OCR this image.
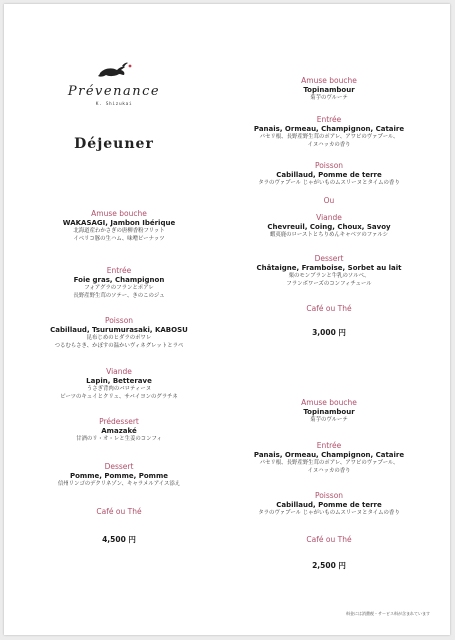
Prévenance
K. Shizukai
Déjeuner
Amuse bouche
WAKASAGI, Jambon Ibérique
北海道産わかさぎの唐柳香粉フリット
イベリコ豚の生ハム、味噌ピーナッツ
Entrée
Foie gras, Champignon
フォアグラのフランとポアレ
長野産野生茸のソテー、きのこのジュ
Poisson
Cabillaud, Tsurumurasaki, KABOSU
昆布じめのヒダラのポワレ
つるむらさき、かぼすの温かいヴィネグレットとラペ
Viande
Lapin, Betterave
うさぎ背肉のバロティーヌ
ビーツのキュイとクリュ、サバイヨンのグラチネ
Prédessert
Amazaké
甘酒のリ・オ・レと生姜のコンフィ
Dessert
Pomme, Pomme, Pomme
信州リンゴのデクリネゾン、キャラメルアイス添え
Café ou Thé
4,500 円
Amuse bouche
Topinambour
菊芋のヴルーテ
Entrée
Panais, Ormeau, Champignon, Cataire
パセリ根、長野産野生茸のポアレ、アワビのヴァプール、
イヌハッカの香り
Poisson
Cabillaud, Pomme de terre
タラのヴァプール じゃがいものムスリーヌとタイムの香り
Ou
Viande
Chevreuil, Coing, Choux, Savoy
蝦夷鹿のローストとちりめんキャベツのファルシ
Dessert
Châtaigne, Framboise, Sorbet au lait
栗のモンブランと牛乳のソルベ、
フランボワーズのコンフィチュール
Café ou Thé
3,000 円
Amuse bouche
Topinambour
菊芋のヴルーテ
Entrée
Panais, Ormeau, Champignon, Cataire
パセリ根、長野産野生茸のポアレ、アワビのヴァプール、
イヌハッカの香り
Poisson
Cabillaud, Pomme de terre
タラのヴァプール じゃがいものムスリーヌとタイムの香り
Café ou Thé
2,500 円
料金には消費税・サービス料が含まれています
